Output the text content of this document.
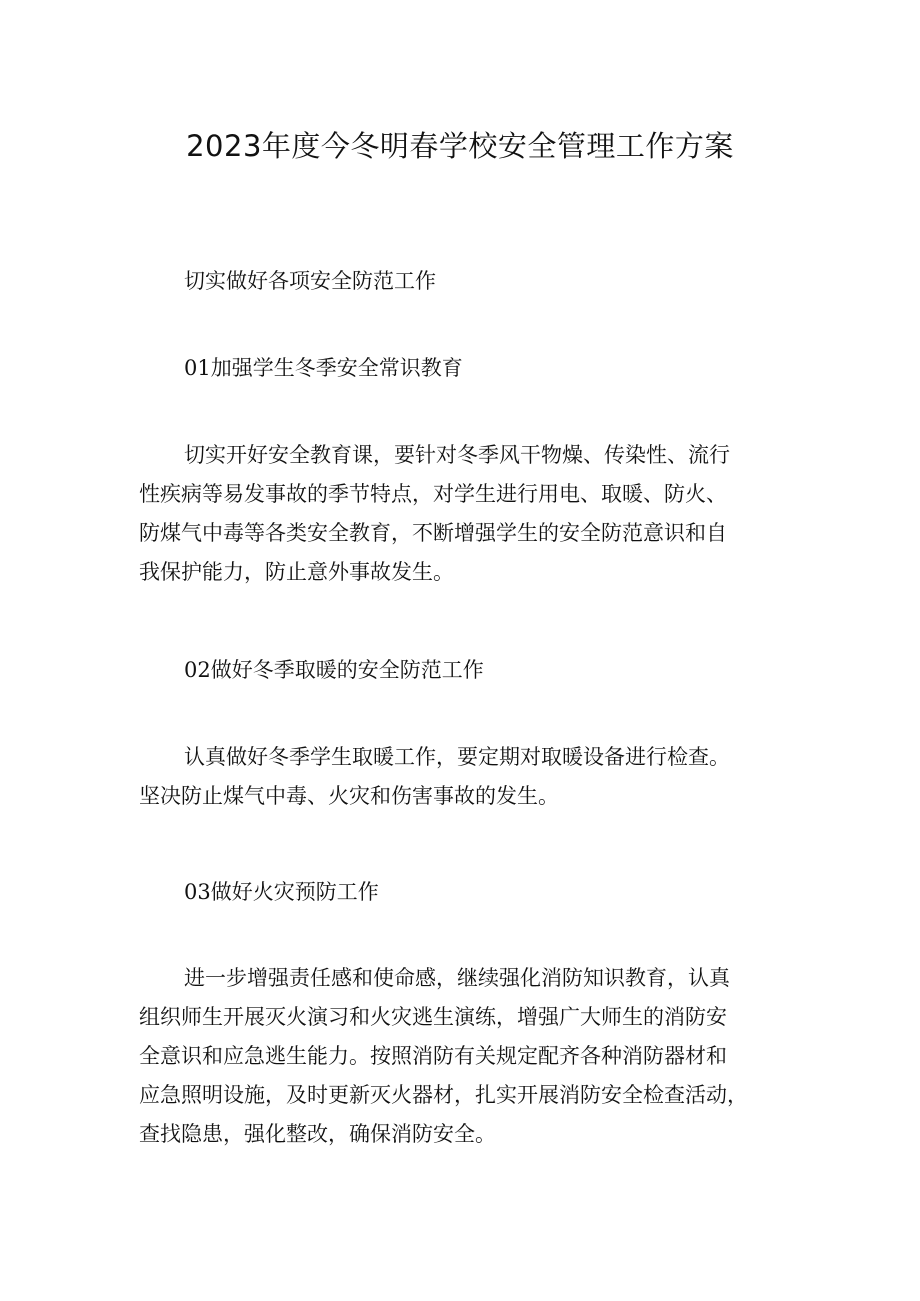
2023年度今冬明春学校安全管理工作方案
切实做好各项安全防范工作
01加强学生冬季安全常识教育
切实开好安全教育课，要针对冬季风干物燥、传染性、流行
性疾病等易发事故的季节特点，对学生进行用电、取暖、防火、
防煤气中毒等各类安全教育，不断增强学生的安全防范意识和自
我保护能力，防止意外事故发生。
02做好冬季取暖的安全防范工作
认真做好冬季学生取暖工作，要定期对取暖设备进行检查。
坚决防止煤气中毒、火灾和伤害事故的发生。
03做好火灾预防工作
进一步增强责任感和使命感，继续强化消防知识教育，认真
组织师生开展灭火演习和火灾逃生演练，增强广大师生的消防安
全意识和应急逃生能力。按照消防有关规定配齐各种消防器材和
应急照明设施，及时更新灭火器材，扎实开展消防安全检查活动，
查找隐患，强化整改，确保消防安全。
